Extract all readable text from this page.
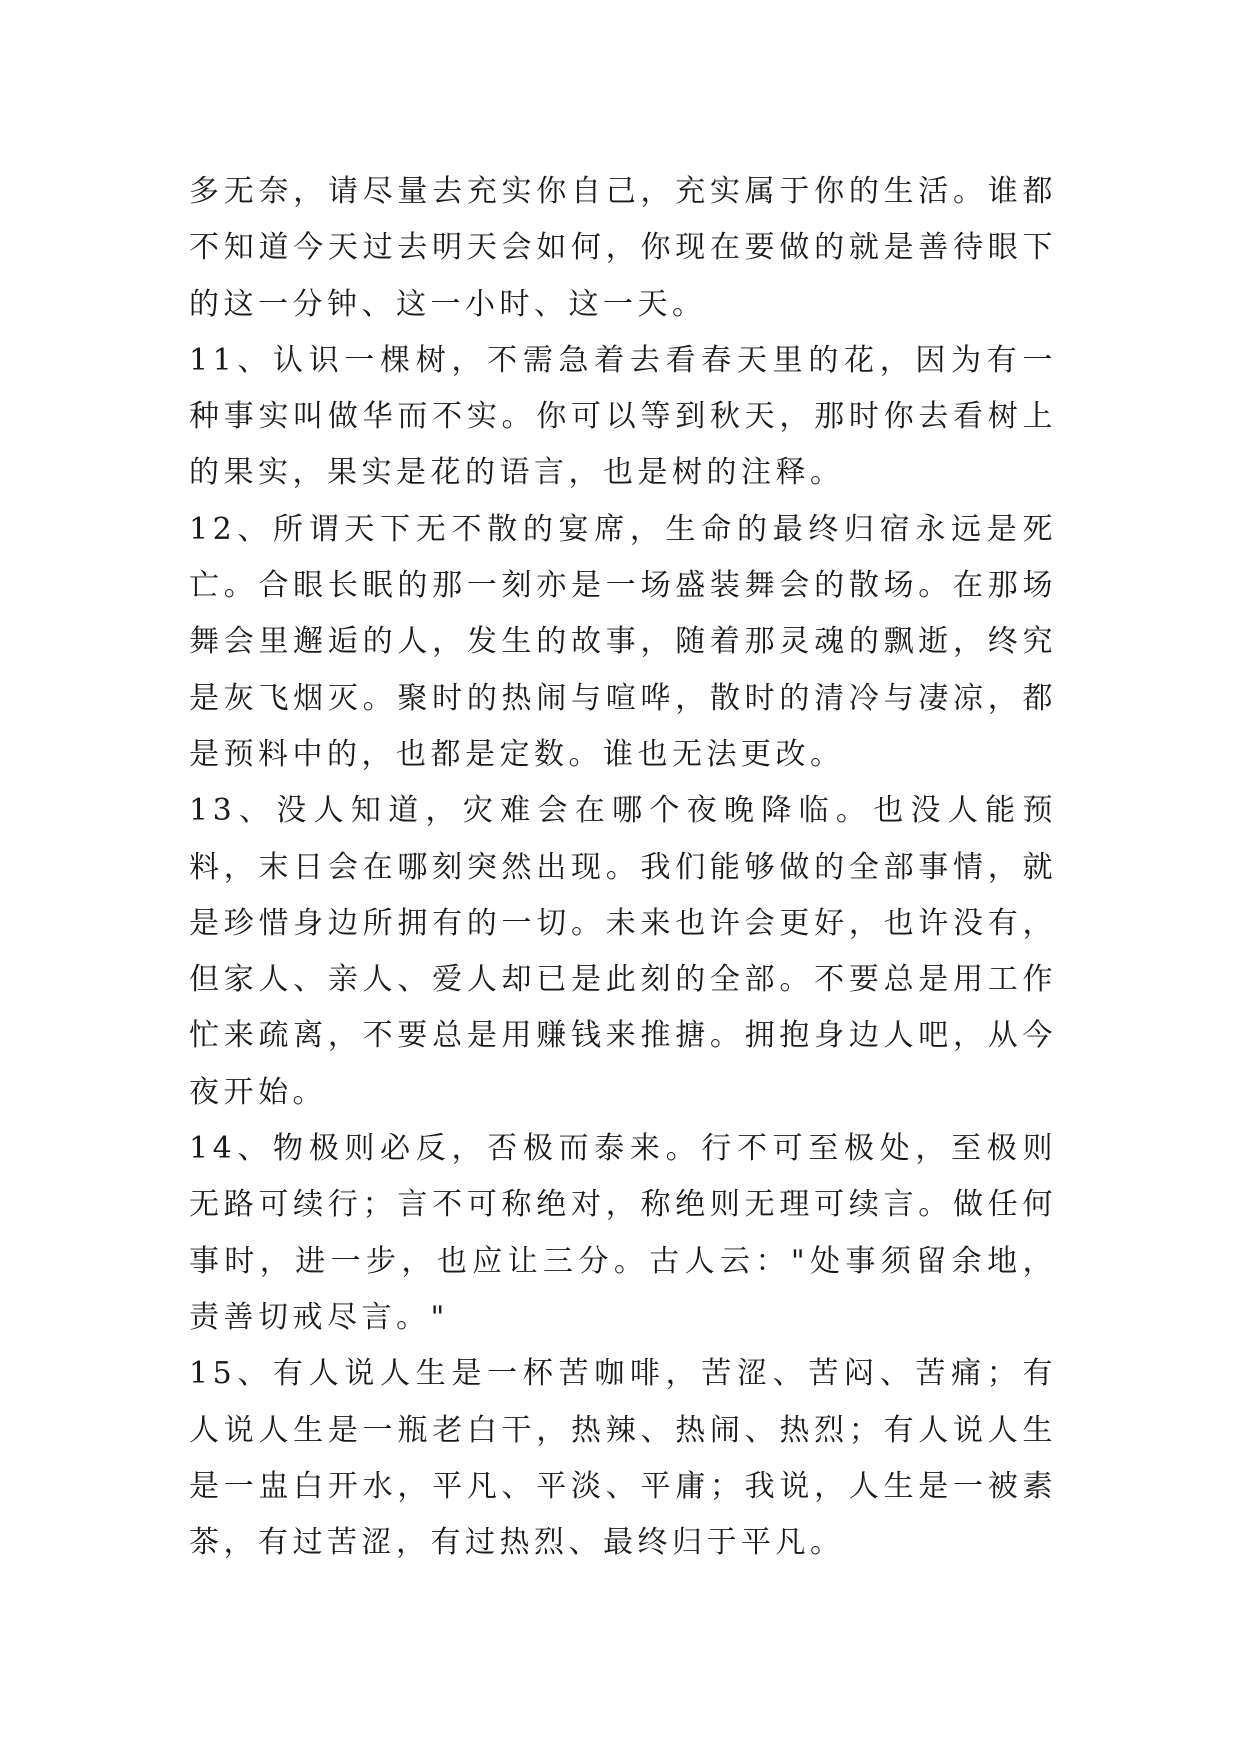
多无奈，请尽量去充实你自己，充实属于你的生活。谁都不知道今天过去明天会如何，你现在要做的就是善待眼下的这一分钟、这一小时、这一天。

11、认识一棵树，不需急着去看春天里的花，因为有一种事实叫做华而不实。你可以等到秋天，那时你去看树上的果实，果实是花的语言，也是树的注释。

12、所谓天下无不散的宴席，生命的最终归宿永远是死亡。合眼长眠的那一刻亦是一场盛装舞会的散场。在那场舞会里邂逅的人，发生的故事，随着那灵魂的飘逝，终究是灰飞烟灭。聚时的热闹与喧哗，散时的清冷与凄凉，都是预料中的，也都是定数。谁也无法更改。

13、没人知道，灾难会在哪个夜晚降临。也没人能预料，末日会在哪刻突然出现。我们能够做的全部事情，就是珍惜身边所拥有的一切。未来也许会更好，也许没有，但家人、亲人、爱人却已是此刻的全部。不要总是用工作忙来疏离，不要总是用赚钱来推搪。拥抱身边人吧，从今夜开始。

14、物极则必反，否极而泰来。行不可至极处，至极则无路可续行；言不可称绝对，称绝则无理可续言。做任何事时，进一步，也应让三分。古人云："处事须留余地，责善切戒尽言。"

15、有人说人生是一杯苦咖啡，苦涩、苦闷、苦痛；有人说人生是一瓶老白干，热辣、热闹、热烈；有人说人生是一盅白开水，平凡、平淡、平庸；我说，人生是一被素茶，有过苦涩，有过热烈、最终归于平凡。
